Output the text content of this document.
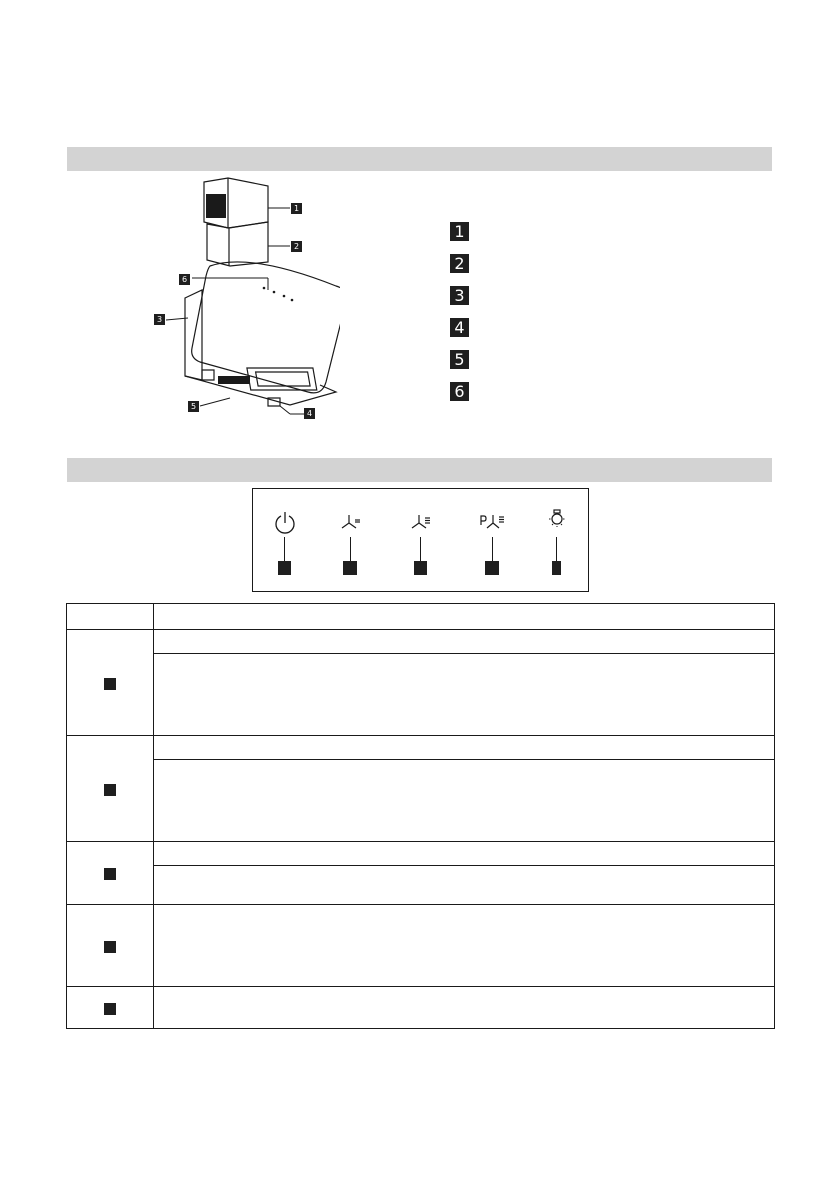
1
2
6
3
5
4
1
2
3
4
5
6
